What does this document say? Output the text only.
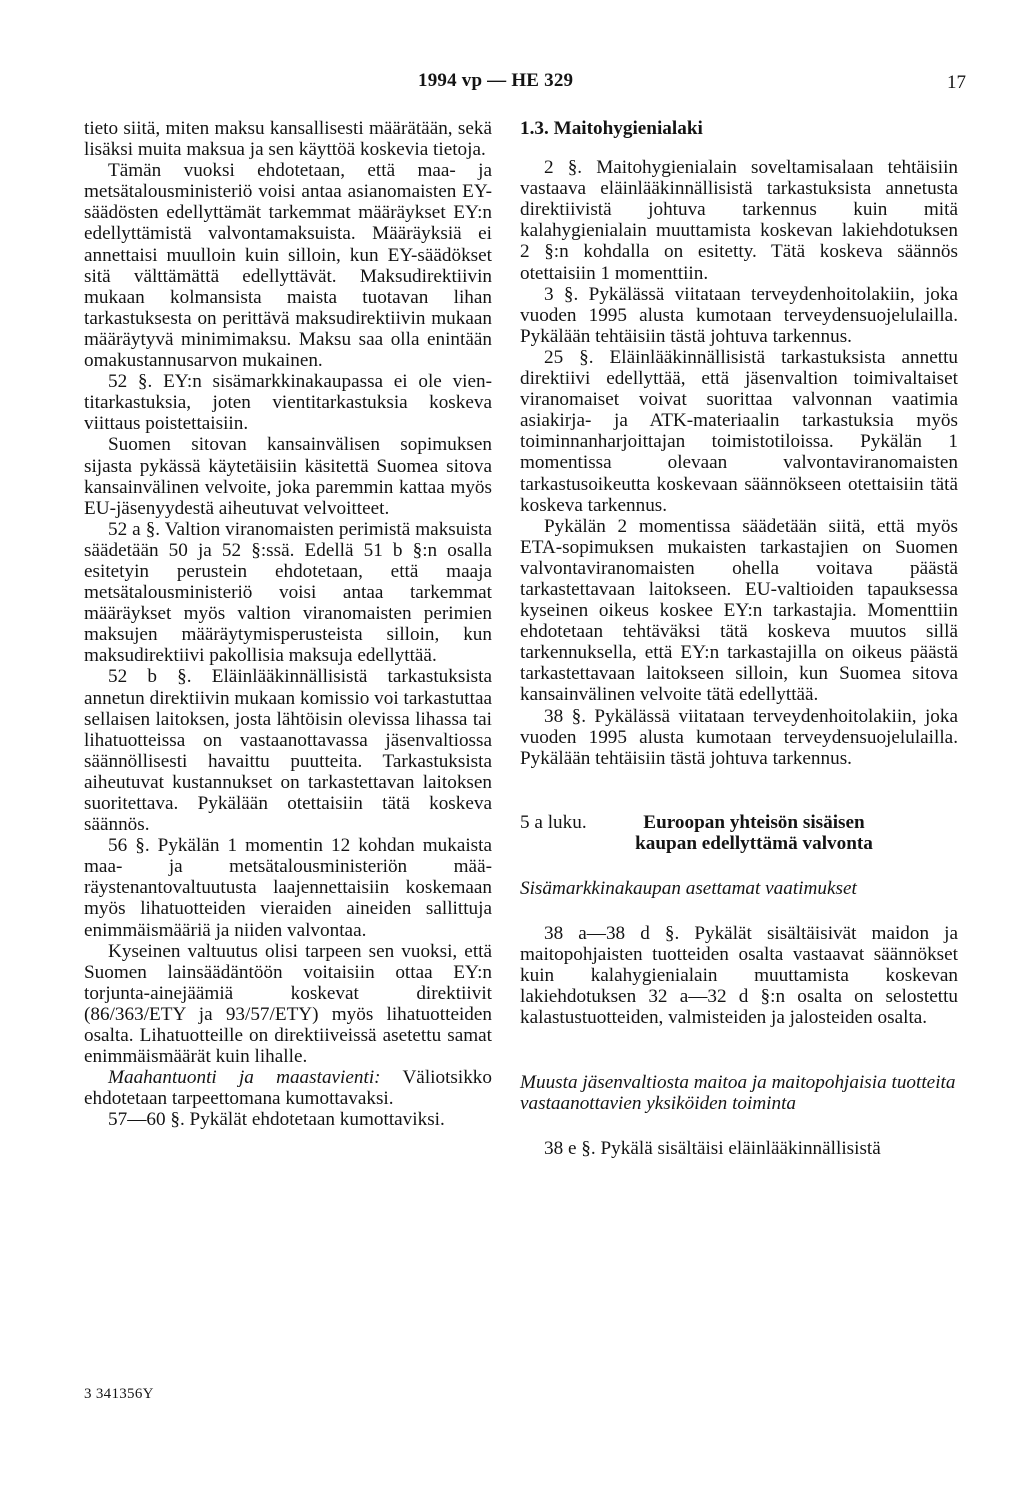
1994 vp — HE 329	17

tieto siitä, miten maksu kansallisesti määrätään, sekä lisäksi muita maksua ja sen käyttöä koskevia tietoja.

Tämän vuoksi ehdotetaan, että maa- ja metsätalousministeriö voisi antaa asianomaisten EY-säädösten edellyttämät tarkemmat määräykset EY:n edellyttämistä valvontamaksuista. Määräyksiä ei annettaisi muulloin kuin silloin, kun EY-säädökset sitä välttämättä edellyttävät. Maksudirektiivin mukaan kolmansista maista tuotavan lihan tarkastuksesta on perittävä maksudirektiivin mukaan määräytyvä minimimaksu. Maksu saa olla enintään omakustannusarvon mukainen.

52 §. EY:n sisämarkkinakaupassa ei ole vientitarkastuksia, joten vientitarkastuksia koskeva viittaus poistettaisiin.

Suomen sitovan kansainvälisen sopimuksen sijasta pykässä käytetäisiin käsitettä Suomea sitova kansainvälinen velvoite, joka paremmin kattaa myös EU-jäsenyydestä aiheutuvat velvoitteet.

52 a §. Valtion viranomaisten perimistä maksuista säädetään 50 ja 52 §:ssä. Edellä 51 b §:n osalla esitetyin perustein ehdotetaan, että maaja metsätalousministeriö voisi antaa tarkemmat määräykset myös valtion viranomaisten perimien maksujen määräytymisperusteista silloin, kun maksudirektiivi pakollisia maksuja edellyttää.

52 b §. Eläinlääkinnällisistä tarkastuksista annetun direktiivin mukaan komissio voi tarkastuttaa sellaisen laitoksen, josta lähtöisin olevissa lihassa tai lihatuotteissa on vastaanottavassa jäsenvaltiossa säännöllisesti havaittu puutteita. Tarkastuksista aiheutuvat kustannukset on tarkastettavan laitoksen suoritettava. Pykälään otettaisiin tätä koskeva säännös.

56 §. Pykälän 1 momentin 12 kohdan mukaista maa- ja metsätalousministeriön määräystenantovaltuutusta laajennettaisiin koskemaan myös lihatuotteiden vieraiden aineiden sallittuja enimmäismääriä ja niiden valvontaa.

Kyseinen valtuutus olisi tarpeen sen vuoksi, että Suomen lainsäädäntöön voitaisiin ottaa EY:n torjunta-ainejäämiä koskevat direktiivit (86/363/ETY ja 93/57/ETY) myös lihatuotteiden osalta. Lihatuotteille on direktiiveissä asetettu samat enimmäismäärät kuin lihalle.

Maahantuonti ja maastavienti: Väliotsikko ehdotetaan tarpeettomana kumottavaksi.

57—60 §. Pykälät ehdotetaan kumottaviksi.

1.3. Maitohygienialaki

2 §. Maitohygienialain soveltamisalaan tehtäisiin vastaava eläinlääkinnällisistä tarkastuksista annetusta direktiivistä johtuva tarkennus kuin mitä kalahygienialain muuttamista koskevan lakiehdotuksen 2 §:n kohdalla on esitetty. Tätä koskeva säännös otettaisiin 1 momenttiin.

3 §. Pykälässä viitataan terveydenhoitolakiin, joka vuoden 1995 alusta kumotaan terveydensuojelulailla. Pykälään tehtäisiin tästä johtuva tarkennus.

25 §. Eläinlääkinnällisistä tarkastuksista annettu direktiivi edellyttää, että jäsenvaltion toimivaltaiset viranomaiset voivat suorittaa valvonnan vaatimia asiakirja- ja ATK-materiaalin tarkastuksia myös toiminnanharjoittajan toimistotiloissa. Pykälän 1 momentissa olevaan valvontaviranomaisten tarkastusoikeutta koskevaan säännökseen otettaisiin tätä koskeva tarkennus.

Pykälän 2 momentissa säädetään siitä, että myös ETA-sopimuksen mukaisten tarkastajien on Suomen valvontaviranomaisten ohella voitava päästä tarkastettavaan laitokseen. EU-valtioiden tapauksessa kyseinen oikeus koskee EY:n tarkastajia. Momenttiin ehdotetaan tehtäväksi tätä koskeva muutos sillä tarkennuksella, että EY:n tarkastajilla on oikeus päästä tarkastettavaan laitokseen silloin, kun Suomea sitova kansainvälinen velvoite tätä edellyttää.

38 §. Pykälässä viitataan terveydenhoitolakiin, joka vuoden 1995 alusta kumotaan terveydensuojelulailla. Pykälään tehtäisiin tästä johtuva tarkennus.

5 a luku.	Euroopan yhteisön sisäisen kaupan edellyttämä valvonta

Sisämarkkinakaupan asettamat vaatimukset

38 a—38 d §. Pykälät sisältäisivät maidon ja maitopohjaisten tuotteiden osalta vastaavat säännökset kuin kalahygienialain muuttamista koskevan lakiehdotuksen 32 a—32 d §:n osalta on selostettu kalastustuotteiden, valmisteiden ja jalosteiden osalta.

Muusta jäsenvaltiosta maitoa ja maitopohjaisia tuotteita vastaanottavien yksiköiden toiminta

38 e §. Pykälä sisältäisi eläinlääkinnällisistä

3 341356Y
